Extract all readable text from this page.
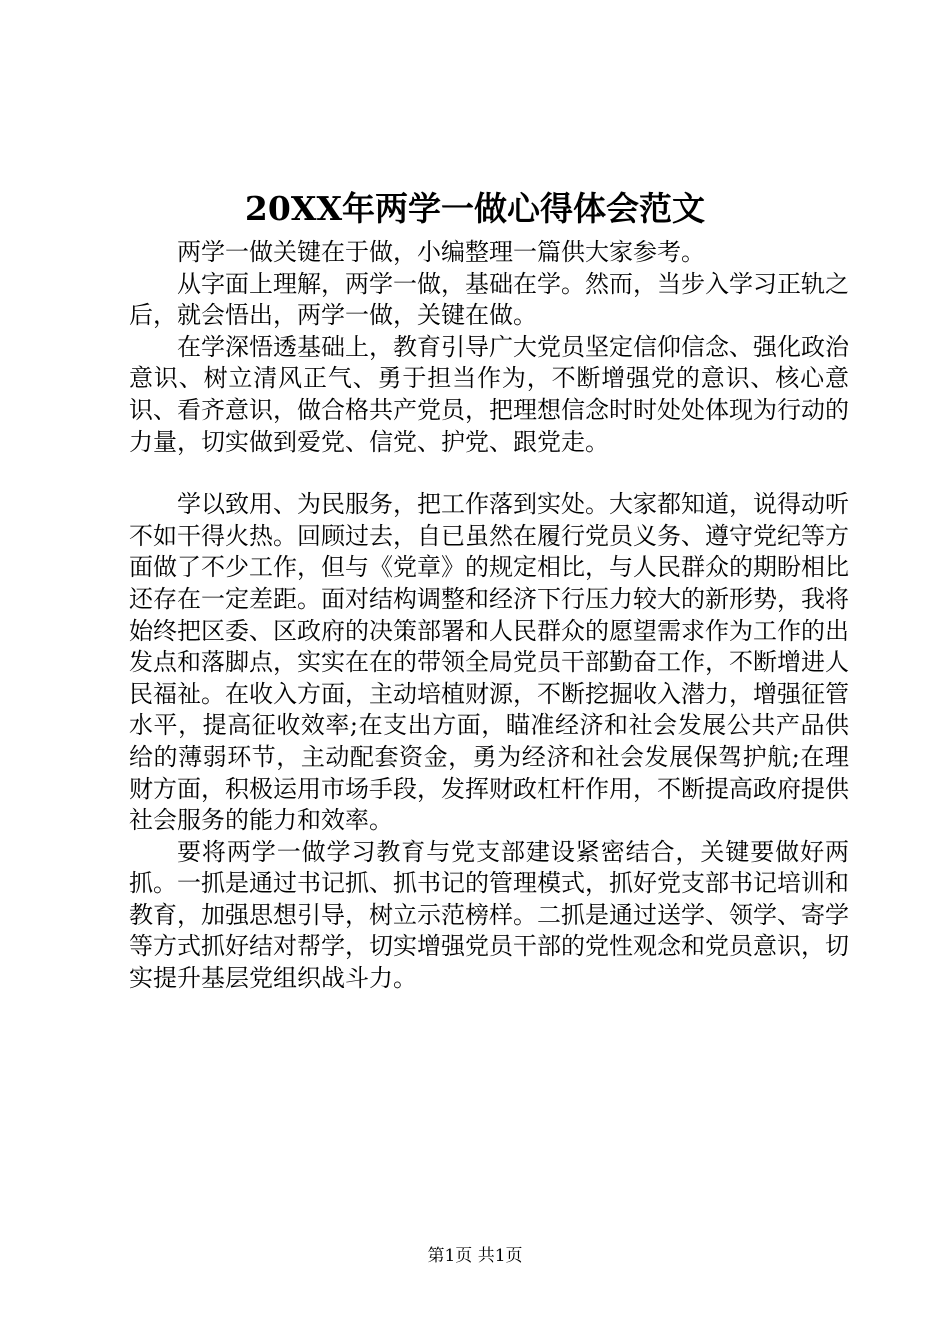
20XX年两学一做心得体会范文

两学一做关键在于做，小编整理一篇供大家参考。

从字面上理解，两学一做，基础在学。然而，当步入学习正轨之后，就会悟出，两学一做，关键在做。

在学深悟透基础上，教育引导广大党员坚定信仰信念、强化政治意识、树立清风正气、勇于担当作为，不断增强党的意识、核心意识、看齐意识，做合格共产党员，把理想信念时时处处体现为行动的力量，切实做到爱党、信党、护党、跟党走。

学以致用、为民服务，把工作落到实处。大家都知道，说得动听不如干得火热。回顾过去，自已虽然在履行党员义务、遵守党纪等方面做了不少工作，但与《党章》的规定相比，与人民群众的期盼相比还存在一定差距。面对结构调整和经济下行压力较大的新形势，我将始终把区委、区政府的决策部署和人民群众的愿望需求作为工作的出发点和落脚点，实实在在的带领全局党员干部勤奋工作，不断增进人民福祉。在收入方面，主动培植财源，不断挖掘收入潜力，增强征管水平，提高征收效率;在支出方面，瞄准经济和社会发展公共产品供给的薄弱环节，主动配套资金，勇为经济和社会发展保驾护航;在理财方面，积极运用市场手段，发挥财政杠杆作用，不断提高政府提供社会服务的能力和效率。

要将两学一做学习教育与党支部建设紧密结合，关键要做好两抓。一抓是通过书记抓、抓书记的管理模式，抓好党支部书记培训和教育，加强思想引导，树立示范榜样。二抓是通过送学、领学、寄学等方式抓好结对帮学，切实增强党员干部的党性观念和党员意识，切实提升基层党组织战斗力。

第1页 共1页
